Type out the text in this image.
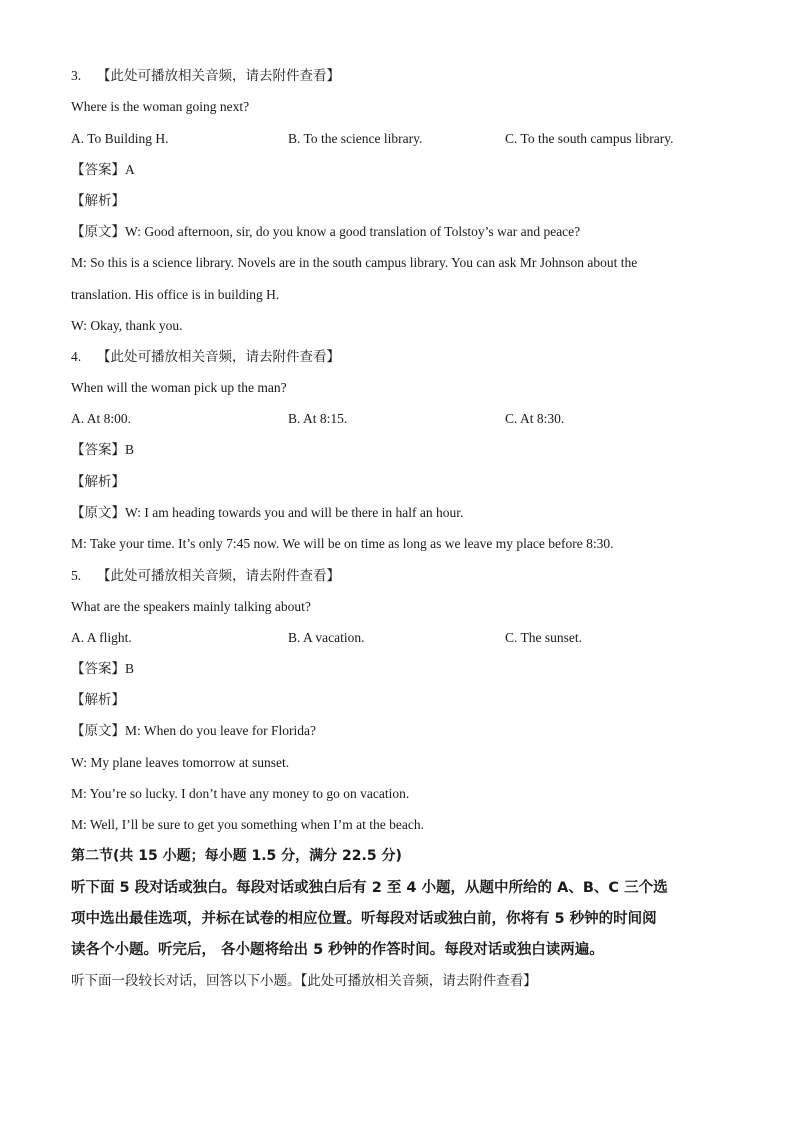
3. 【此处可播放相关音频，请去附件查看】
Where is the woman going next?
A. To Building H.	B. To the science library.	C. To the south campus library.
【答案】A
【解析】
【原文】W: Good afternoon, sir, do you know a good translation of Tolstoy’s war and peace?
M: So this is a science library. Novels are in the south campus library. You can ask Mr Johnson about the
translation. His office is in building H.
W: Okay, thank you.
4. 【此处可播放相关音频，请去附件查看】
When will the woman pick up the man?
A. At 8:00.	B. At 8:15.	C. At 8:30.
【答案】B
【解析】
【原文】W: I am heading towards you and will be there in half an hour.
M: Take your time. It’s only 7:45 now. We will be on time as long as we leave my place before 8:30.
5. 【此处可播放相关音频，请去附件查看】
What are the speakers mainly talking about?
A. A flight.	B. A vacation.	C. The sunset.
【答案】B
【解析】
【原文】M: When do you leave for Florida?
W: My plane leaves tomorrow at sunset.
M: You’re so lucky. I don’t have any money to go on vacation.
M: Well, I’ll be sure to get you something when I’m at the beach.
第二节(共 15 小题；每小题 1.5 分，满分 22.5 分)
听下面 5 段对话或独白。每段对话或独白后有 2 至 4 小题，从题中所给的 A、B、C 三个选
项中选出最佳选项，并标在试卷的相应位置。听每段对话或独白前，你将有 5 秒钟的时间阅
读各个小题。听完后， 各小题将给出 5 秒钟的作答时间。每段对话或独白读两遍。
听下面一段较长对话，回答以下小题。【此处可播放相关音频，请去附件查看】
